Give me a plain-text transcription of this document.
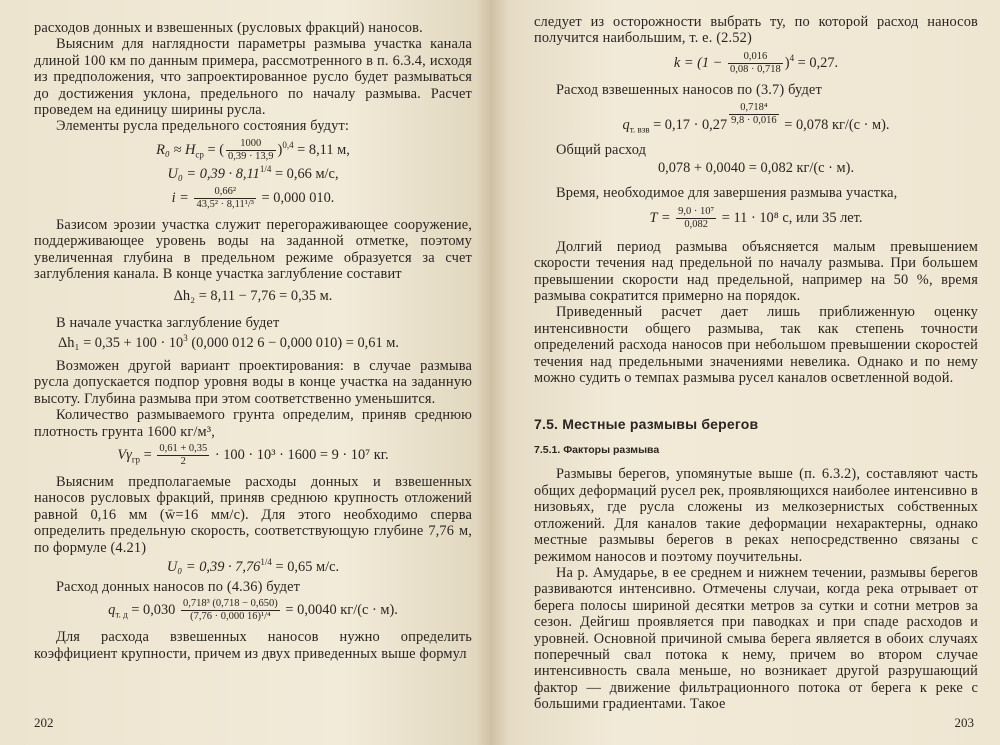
расходов донных и взвешенных (русловых фракций) наносов.

Выясним для наглядности параметры размыва участка канала длиной 100 км по данным примера, рассмотренного в п. 6.3.4, исходя из предположения, что запроектированное русло будет размываться до достижения уклона, предельного по началу размыва. Расчет проведем на единицу ширины русла.

Элементы русла предельного состояния будут:

$R_0 \approx H_{ср}$ = ( $\frac{1000}{0,39 \cdot 13,9} )^{0,4} = 8,11$ м,
$U_0 = 0,39 \cdot 8,11^{1/4} = 0,66$ м/с,
$i = \frac{\text{0,66²}}{\text{43,5² · 8,11¹/³}} = 0,000$ 010.

Базисом эрозии участка служит перегораживающее сооружение, поддерживающее уровень воды на заданной отметке, поэтому увеличенная глубина в предельном режиме образуется за счет заглубления канала. В конце участка заглубление составит

Δh₂ = 8,11 − 7,76 = 0,35 м.

В начале участка заглубление будет

$\Delta h_1 = 0,35 + 100 \cdot 10^3$ (0,000 012 6 − 0,000 010) = 0,61 м.

Возможен другой вариант проектирования: в случае размыва русла допускается подпор уровня воды в конце участка на заданную высоту. Глубина размыва при этом соответственно уменьшится.

Количество размываемого грунта определим, приняв среднюю плотность грунта 1600 кг/м³,

$V\gamma_{гр} = \frac{0,61 + 0,35}{2} \cdot 100 \cdot 10^3 \cdot 1600 = 9 \cdot 10^7$ кг.

Выясним предполагаемые расходы донных и взвешенных наносов русловых фракций, приняв среднюю крупность отложений равной 0,16 мм (w̄=16 мм/с). Для этого необходимо сперва определить предельную скорость, соответствующую глубине 7,76 м, по формуле (4.21)

$U_0 = 0,39 \cdot 7,76^{1/4} = 0,65$ м/с.

Расход донных наносов по (4.36) будет

$q_{т. д} = 0,030 \frac{\text{0,718³ (0,718 − 0,650)}}{\text{(7,76 · 0,000 16)¹/⁴}} = 0,0040$ кг/(с · м).

Для расхода взвешенных наносов нужно определить коэффициент крупности, причем из двух приведенных выше формул

202

следует из осторожности выбрать ту, по которой расход наносов получится наибольшим, т. е. (2.52)

$k = (1 - \frac{0,016}{0,08 \cdot 0,718} )^4 = 0,27$.

Расход взвешенных наносов по (3.7) будет

$q_{т. взв} = 0,17 \cdot 0,27 \frac{\text{0,718⁴}}{9,8 \cdot 0,016} = 0,078$ кг/(с · м).

Общий расход

0,078 + 0,0040 = 0,082 кг/(с · м).

Время, необходимое для завершения размыва участка,

$T = \frac{\text{9,0 · 10⁷}}{0,082} = 11 \cdot 10^8$ с, или 35 лет.

Долгий период размыва объясняется малым превышением скорости течения над предельной по началу размыва. При большем превышении скорости над предельной, например на 50 %, время размыва сократится примерно на порядок.

Приведенный расчет дает лишь приближенную оценку интенсивности общего размыва, так как степень точности определений расхода наносов при небольшом превышении скоростей течения над предельными значениями невелика. Однако и по нему можно судить о темпах размыва русел каналов осветленной водой.

7.5. Местные размывы берегов
7.5.1. Факторы размыва

Размывы берегов, упомянутые выше (п. 6.3.2), составляют часть общих деформаций русел рек, проявляющихся наиболее интенсивно в низовьях, где русла сложены из мелкозернистых собственных отложений. Для каналов такие деформации нехарактерны, однако местные размывы берегов в реках непосредственно связаны с режимом наносов и поэтому поучительны.

На р. Амударье, в ее среднем и нижнем течении, размывы берегов развиваются интенсивно. Отмечены случаи, когда река отрывает от берега полосы шириной десятки метров за сутки и сотни метров за сезон. Дейгиш проявляется при паводках и при спаде расходов и уровней. Основной причиной смыва берега является в обоих случаях поперечный свал потока к нему, причем во втором случае интенсивность свала меньше, но возникает другой разрушающий фактор — движение фильтрационного потока от берега к реке с большими градиентами. Такое

203
